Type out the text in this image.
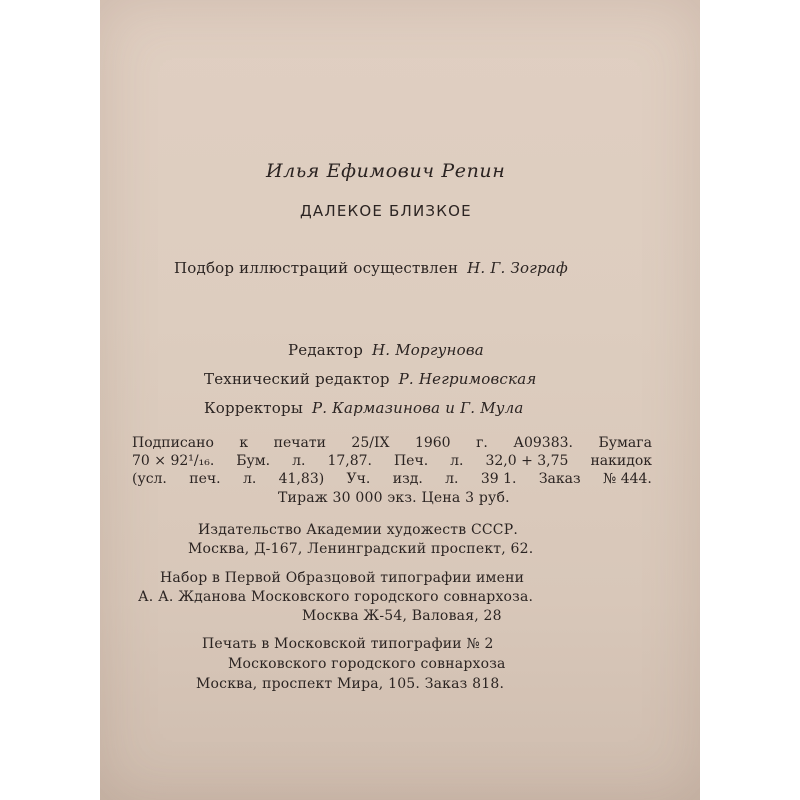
Илья Ефимович Репин
ДАЛЕКОЕ БЛИЗКОЕ
Подбор иллюстраций осуществлен Н. Г. Зограф
Редактор Н. Моргунова
Технический редактор Р. Негримовская
Корректоры Р. Кармазинова и Г. Мула
Подписано к печати 25/IX 1960 г. А09383. Бумага
70 × 92¹/₁₆. Бум. л. 17,87. Печ. л. 32,0 + 3,75 накидок
(усл. печ. л. 41,83) Уч. изд. л. 39 1. Заказ № 444.
Тираж 30 000 экз. Цена 3 руб.
Издательство Академии художеств СССР.
Москва, Д-167, Ленинградский проспект, 62.
Набор в Первой Образцовой типографии имени
А. А. Жданова Московского городского совнархоза.
Москва Ж-54, Валовая, 28
Печать в Московской типографии № 2
Московского городского совнархоза
Москва, проспект Мира, 105. Заказ 818.
